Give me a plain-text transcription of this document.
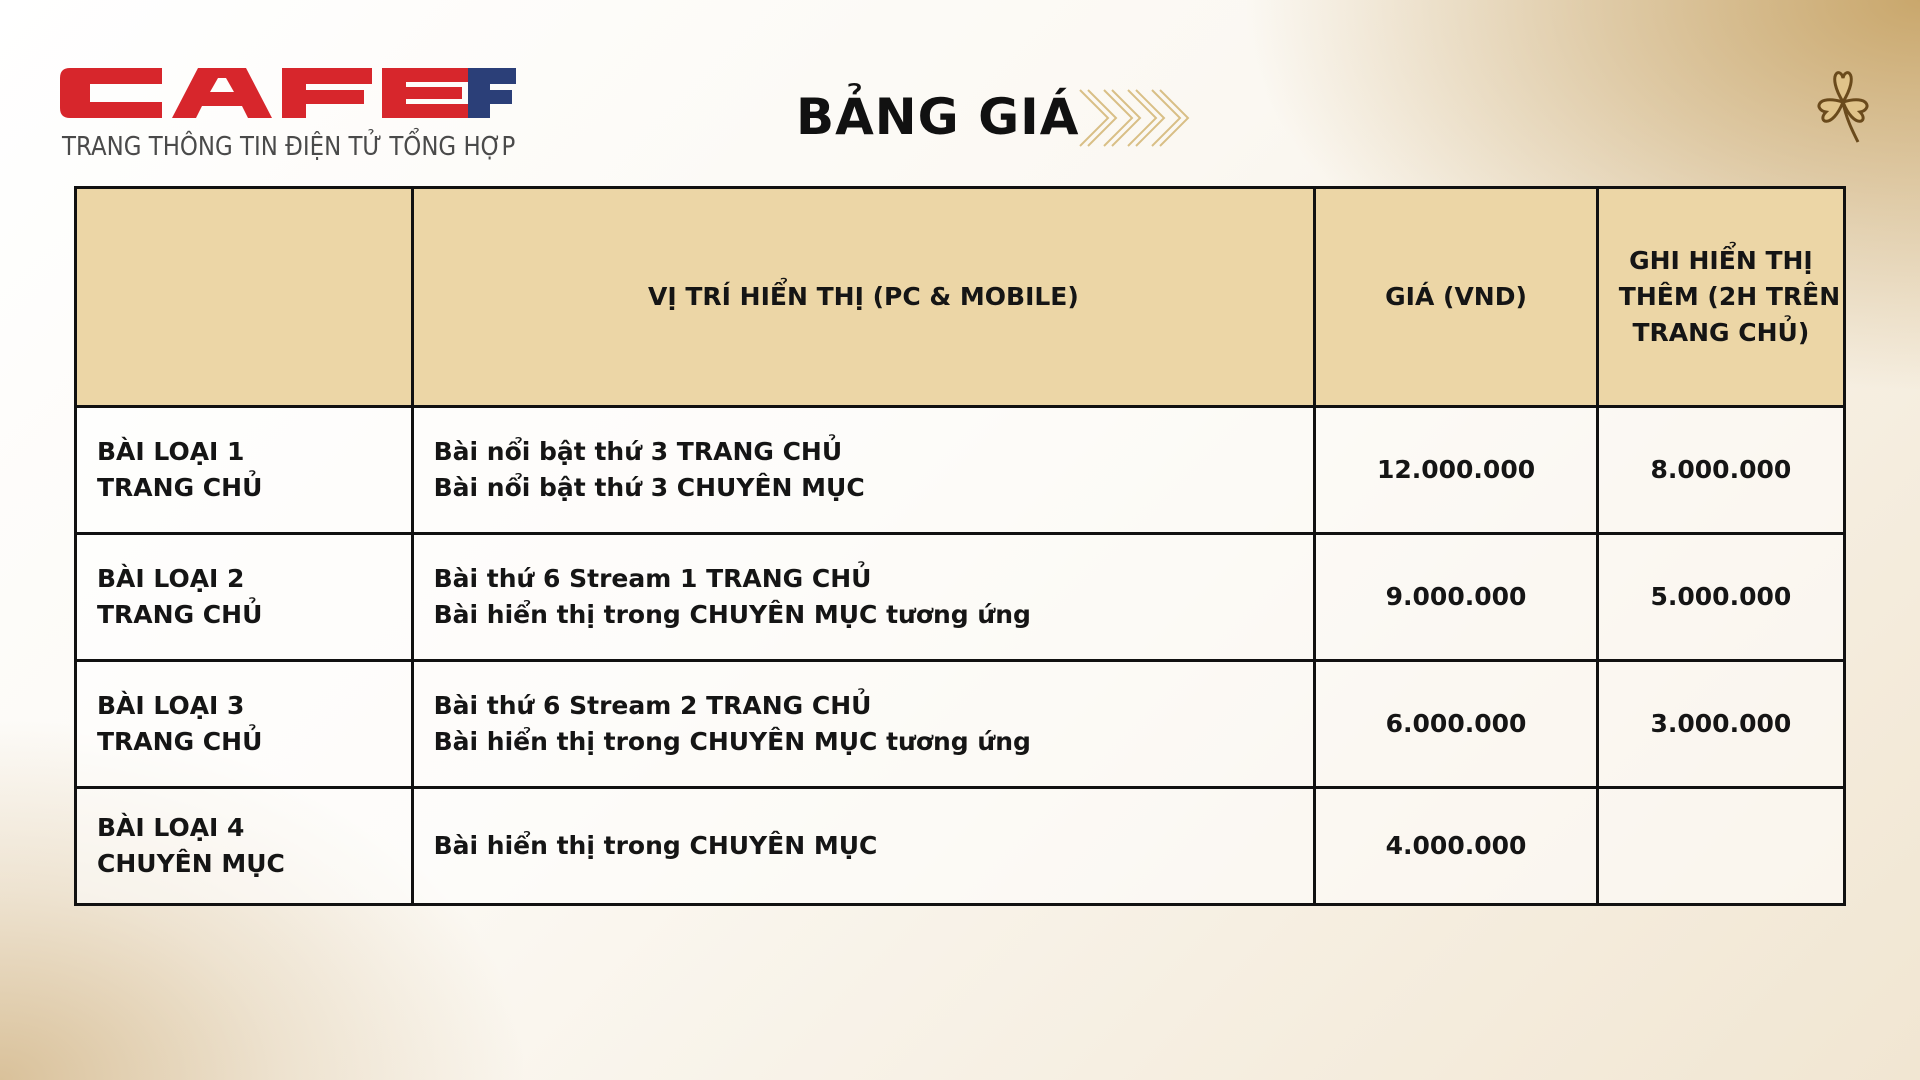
TRANG THÔNG TIN ĐIỆN TỬ TỔNG HỢP
BẢNG GIÁ
	VỊ TRÍ HIỂN THỊ (PC & MOBILE)	GIÁ (VND)	GHI HIỂN THỊ
THÊM (2H TRÊN
TRANG CHỦ)

BÀI LOẠI 1
TRANG CHỦ	Bài nổi bật thứ 3 TRANG CHỦ
Bài nổi bật thứ 3 CHUYÊN MỤC	12.000.000	8.000.000

BÀI LOẠI 2
TRANG CHỦ	Bài thứ 6 Stream 1 TRANG CHỦ
Bài hiển thị trong CHUYÊN MỤC tương ứng	9.000.000	5.000.000

BÀI LOẠI 3
TRANG CHỦ	Bài thứ 6 Stream 2 TRANG CHỦ
Bài hiển thị trong CHUYÊN MỤC tương ứng	6.000.000	3.000.000

BÀI LOẠI 4
CHUYÊN MỤC	Bài hiển thị trong CHUYÊN MỤC	4.000.000	
